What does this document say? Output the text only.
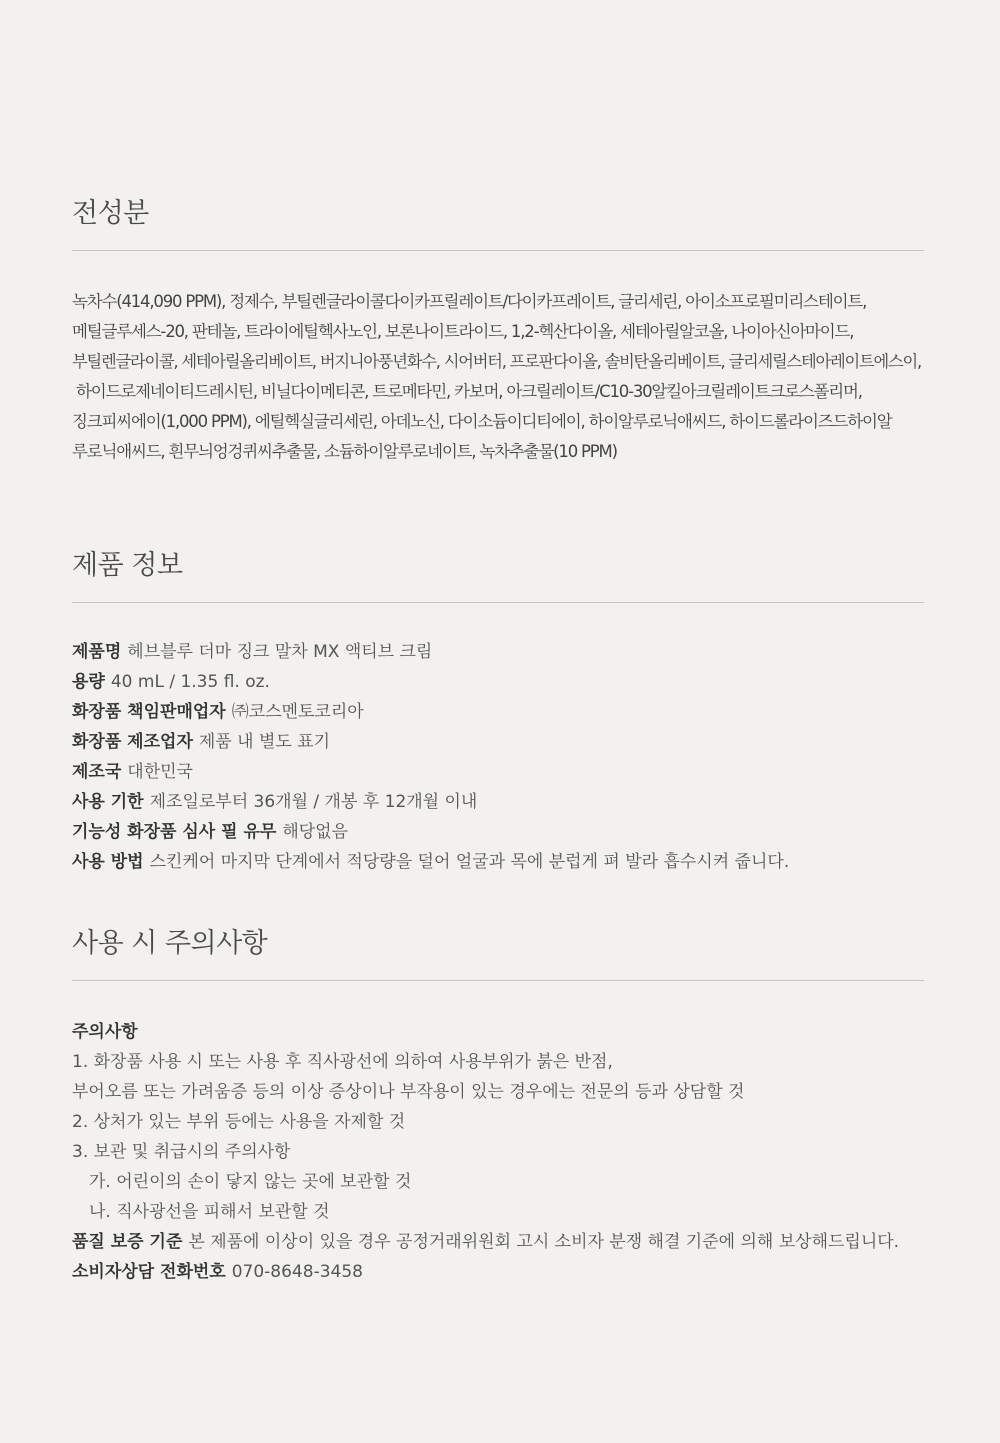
전성분
녹차수(414,090 PPM), 정제수, 부틸렌글라이콜다이카프릴레이트/다이카프레이트, 글리세린, 아이소프로필미리스테이트,
메틸글루세스-20, 판테놀, 트라이에틸헥사노인, 보론나이트라이드, 1,2-헥산다이올, 세테아릴알코올, 나이아신아마이드,
부틸렌글라이콜, 세테아릴올리베이트, 버지니아풍년화수, 시어버터, 프로판다이올, 솔비탄올리베이트, 글리세릴스테아레이트에스이,
하이드로제네이티드레시틴, 비닐다이메티콘, 트로메타민, 카보머, 아크릴레이트/C10-30알킬아크릴레이트크로스폴리머,
징크피씨에이(1,000 PPM), 에틸헥실글리세린, 아데노신, 다이소듐이디티에이, 하이알루로닉애씨드, 하이드롤라이즈드하이알
루로닉애씨드, 흰무늬엉겅퀴씨추출물, 소듐하이알루로네이트, 녹차추출물(10 PPM)
제품 정보
제품명 헤브블루 더마 징크 말차 MX 액티브 크림
용량 40 mL / 1.35 fl. oz.
화장품 책임판매업자 ㈜코스멘토코리아
화장품 제조업자 제품 내 별도 표기
제조국 대한민국
사용 기한 제조일로부터 36개월 / 개봉 후 12개월 이내
기능성 화장품 심사 필 유무 해당없음
사용 방법 스킨케어 마지막 단계에서 적당량을 덜어 얼굴과 목에 분럽게 펴 발라 흡수시켜 줍니다.
사용 시 주의사항
주의사항
1. 화장품 사용 시 또는 사용 후 직사광선에 의하여 사용부위가 붉은 반점,
부어오름 또는 가려움증 등의 이상 증상이나 부작용이 있는 경우에는 전문의 등과 상담할 것
2. 상처가 있는 부위 등에는 사용을 자제할 것
3. 보관 및 취급시의 주의사항
가. 어린이의 손이 닿지 않는 곳에 보관할 것
나. 직사광선을 피해서 보관할 것
품질 보증 기준 본 제품에 이상이 있을 경우 공정거래위원회 고시 소비자 분쟁 해결 기준에 의해 보상해드립니다.
소비자상담 전화번호 070-8648-3458
